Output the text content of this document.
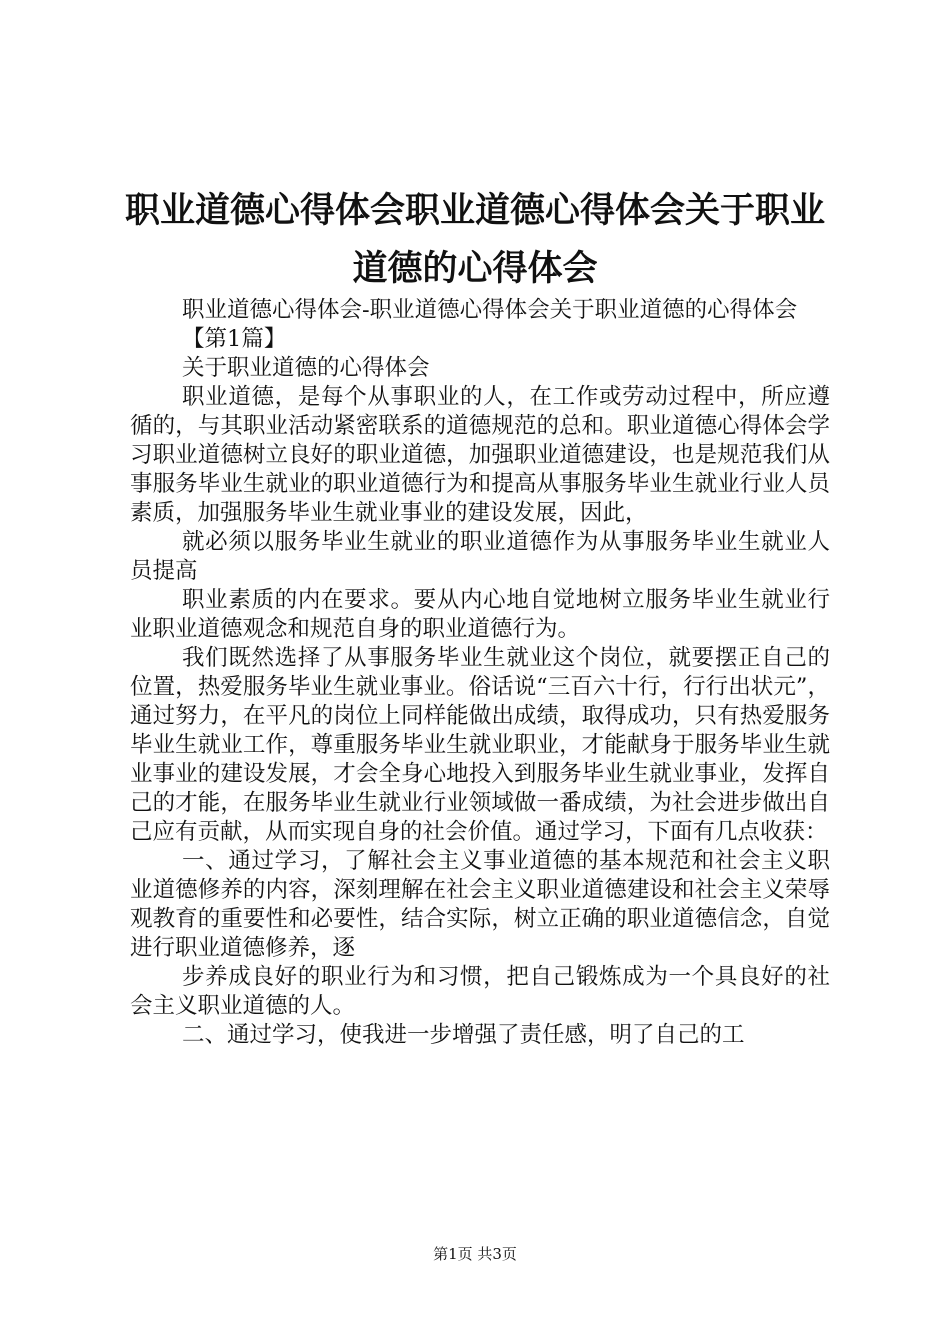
职业道德心得体会职业道德心得体会关于职业道德的心得体会

职业道德心得体会-职业道德心得体会关于职业道德的心得体会

【第1篇】

关于职业道德的心得体会

职业道德，是每个从事职业的人，在工作或劳动过程中，所应遵循的，与其职业活动紧密联系的道德规范的总和。职业道德心得体会学习职业道德树立良好的职业道德，加强职业道德建设，也是规范我们从事服务毕业生就业的职业道德行为和提高从事服务毕业生就业行业人员素质，加强服务毕业生就业事业的建设发展，因此，

就必须以服务毕业生就业的职业道德作为从事服务毕业生就业人员提高

职业素质的内在要求。要从内心地自觉地树立服务毕业生就业行业职业道德观念和规范自身的职业道德行为。

我们既然选择了从事服务毕业生就业这个岗位，就要摆正自己的位置，热爱服务毕业生就业事业。俗话说“三百六十行，行行出状元”，通过努力，在平凡的岗位上同样能做出成绩，取得成功，只有热爱服务毕业生就业工作，尊重服务毕业生就业职业，才能献身于服务毕业生就业事业的建设发展，才会全身心地投入到服务毕业生就业事业，发挥自己的才能，在服务毕业生就业行业领域做一番成绩，为社会进步做出自己应有贡献，从而实现自身的社会价值。通过学习，下面有几点收获：

一、通过学习，了解社会主义事业道德的基本规范和社会主义职业道德修养的内容，深刻理解在社会主义职业道德建设和社会主义荣辱观教育的重要性和必要性，结合实际，树立正确的职业道德信念，自觉进行职业道德修养，逐

步养成良好的职业行为和习惯，把自己锻炼成为一个具良好的社会主义职业道德的人。

二、通过学习，使我进一步增强了责任感，明了自己的工

第1页 共3页
